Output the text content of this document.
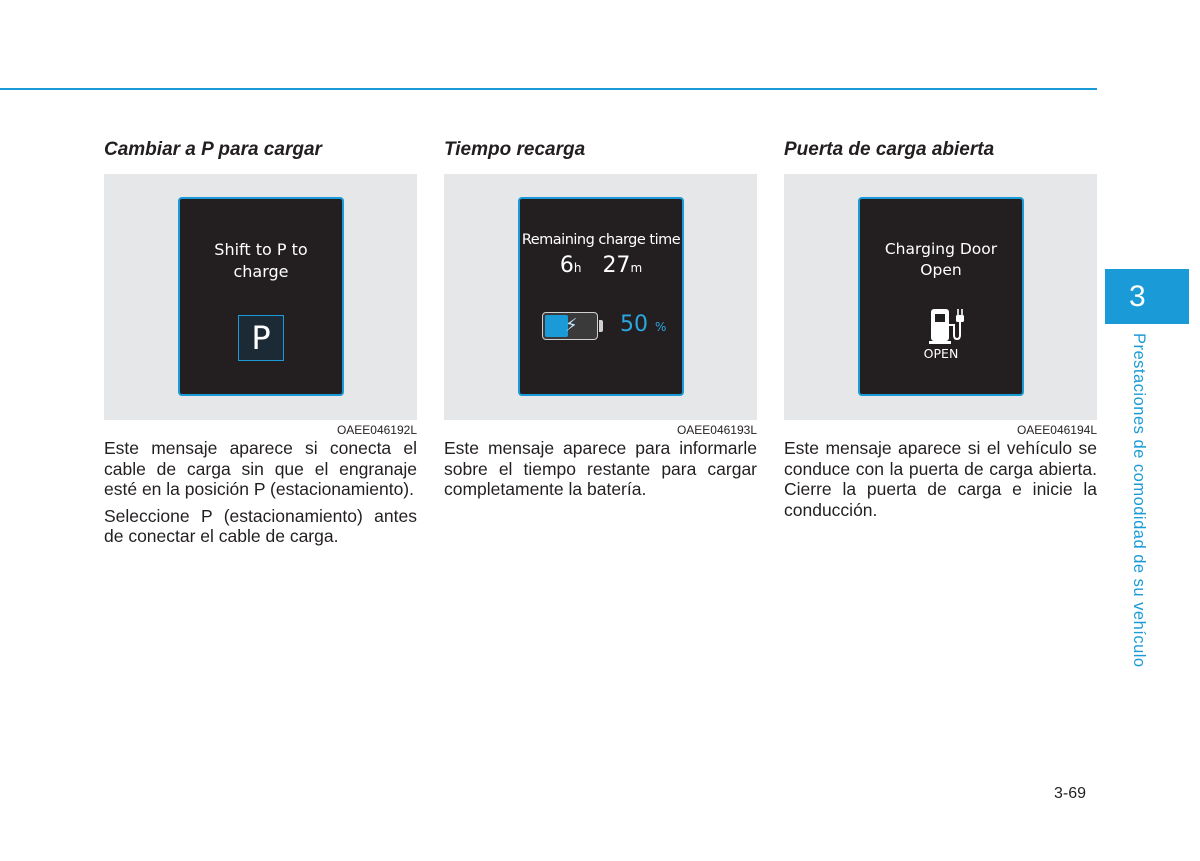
Cambiar a P para cargar
Shift to P to
charge
P
OAEE046192L

Este mensaje aparece si conecta el cable de carga sin que el engranaje esté en la posición P (estacionamiento).

Seleccione P (estacionamiento) antes de conectar el cable de carga.

Tiempo recarga
Remaining charge time
6h 27m
⚡ 50 %
OAEE046193L

Este mensaje aparece para informarle sobre el tiempo restante para cargar completamente la batería.

Puerta de carga abierta
Charging Door
Open
OPEN
OAEE046194L

Este mensaje aparece si el vehículo se conduce con la puerta de carga abierta. Cierre la puerta de carga e inicie la conducción.

3
Prestaciones de comodidad de su vehículo
3-69
